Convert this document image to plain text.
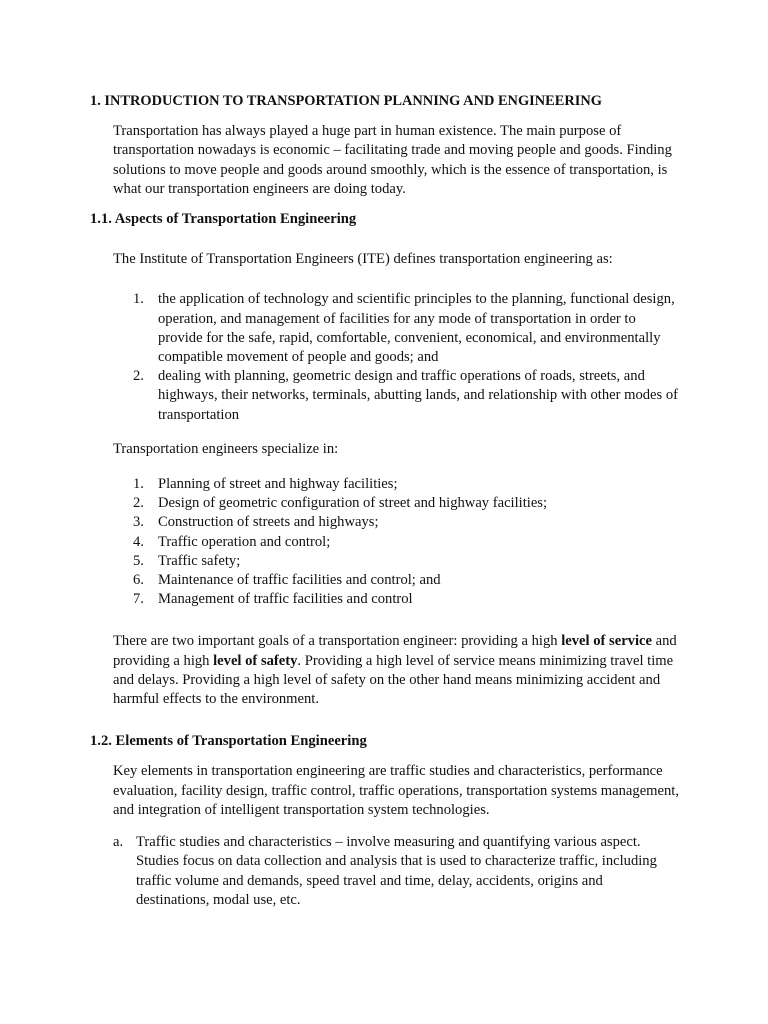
1. INTRODUCTION TO TRANSPORTATION PLANNING AND ENGINEERING
Transportation has always played a huge part in human existence. The main purpose of transportation nowadays is economic – facilitating trade and moving people and goods. Finding solutions to move people and goods around smoothly, which is the essence of transportation, is what our transportation engineers are doing today.
1.1. Aspects of Transportation Engineering
The Institute of Transportation Engineers (ITE) defines transportation engineering as:
1. the application of technology and scientific principles to the planning, functional design, operation, and management of facilities for any mode of transportation in order to provide for the safe, rapid, comfortable, convenient, economical, and environmentally compatible movement of people and goods; and
2. dealing with planning, geometric design and traffic operations of roads, streets, and highways, their networks, terminals, abutting lands, and relationship with other modes of transportation
Transportation engineers specialize in:
1. Planning of street and highway facilities;
2. Design of geometric configuration of street and highway facilities;
3. Construction of streets and highways;
4. Traffic operation and control;
5. Traffic safety;
6. Maintenance of traffic facilities and control; and
7. Management of traffic facilities and control
There are two important goals of a transportation engineer: providing a high level of service and providing a high level of safety. Providing a high level of service means minimizing travel time and delays. Providing a high level of safety on the other hand means minimizing accident and harmful effects to the environment.
1.2. Elements of Transportation Engineering
Key elements in transportation engineering are traffic studies and characteristics, performance evaluation, facility design, traffic control, traffic operations, transportation systems management, and integration of intelligent transportation system technologies.
a. Traffic studies and characteristics – involve measuring and quantifying various aspect. Studies focus on data collection and analysis that is used to characterize traffic, including traffic volume and demands, speed travel and time, delay, accidents, origins and destinations, modal use, etc.
